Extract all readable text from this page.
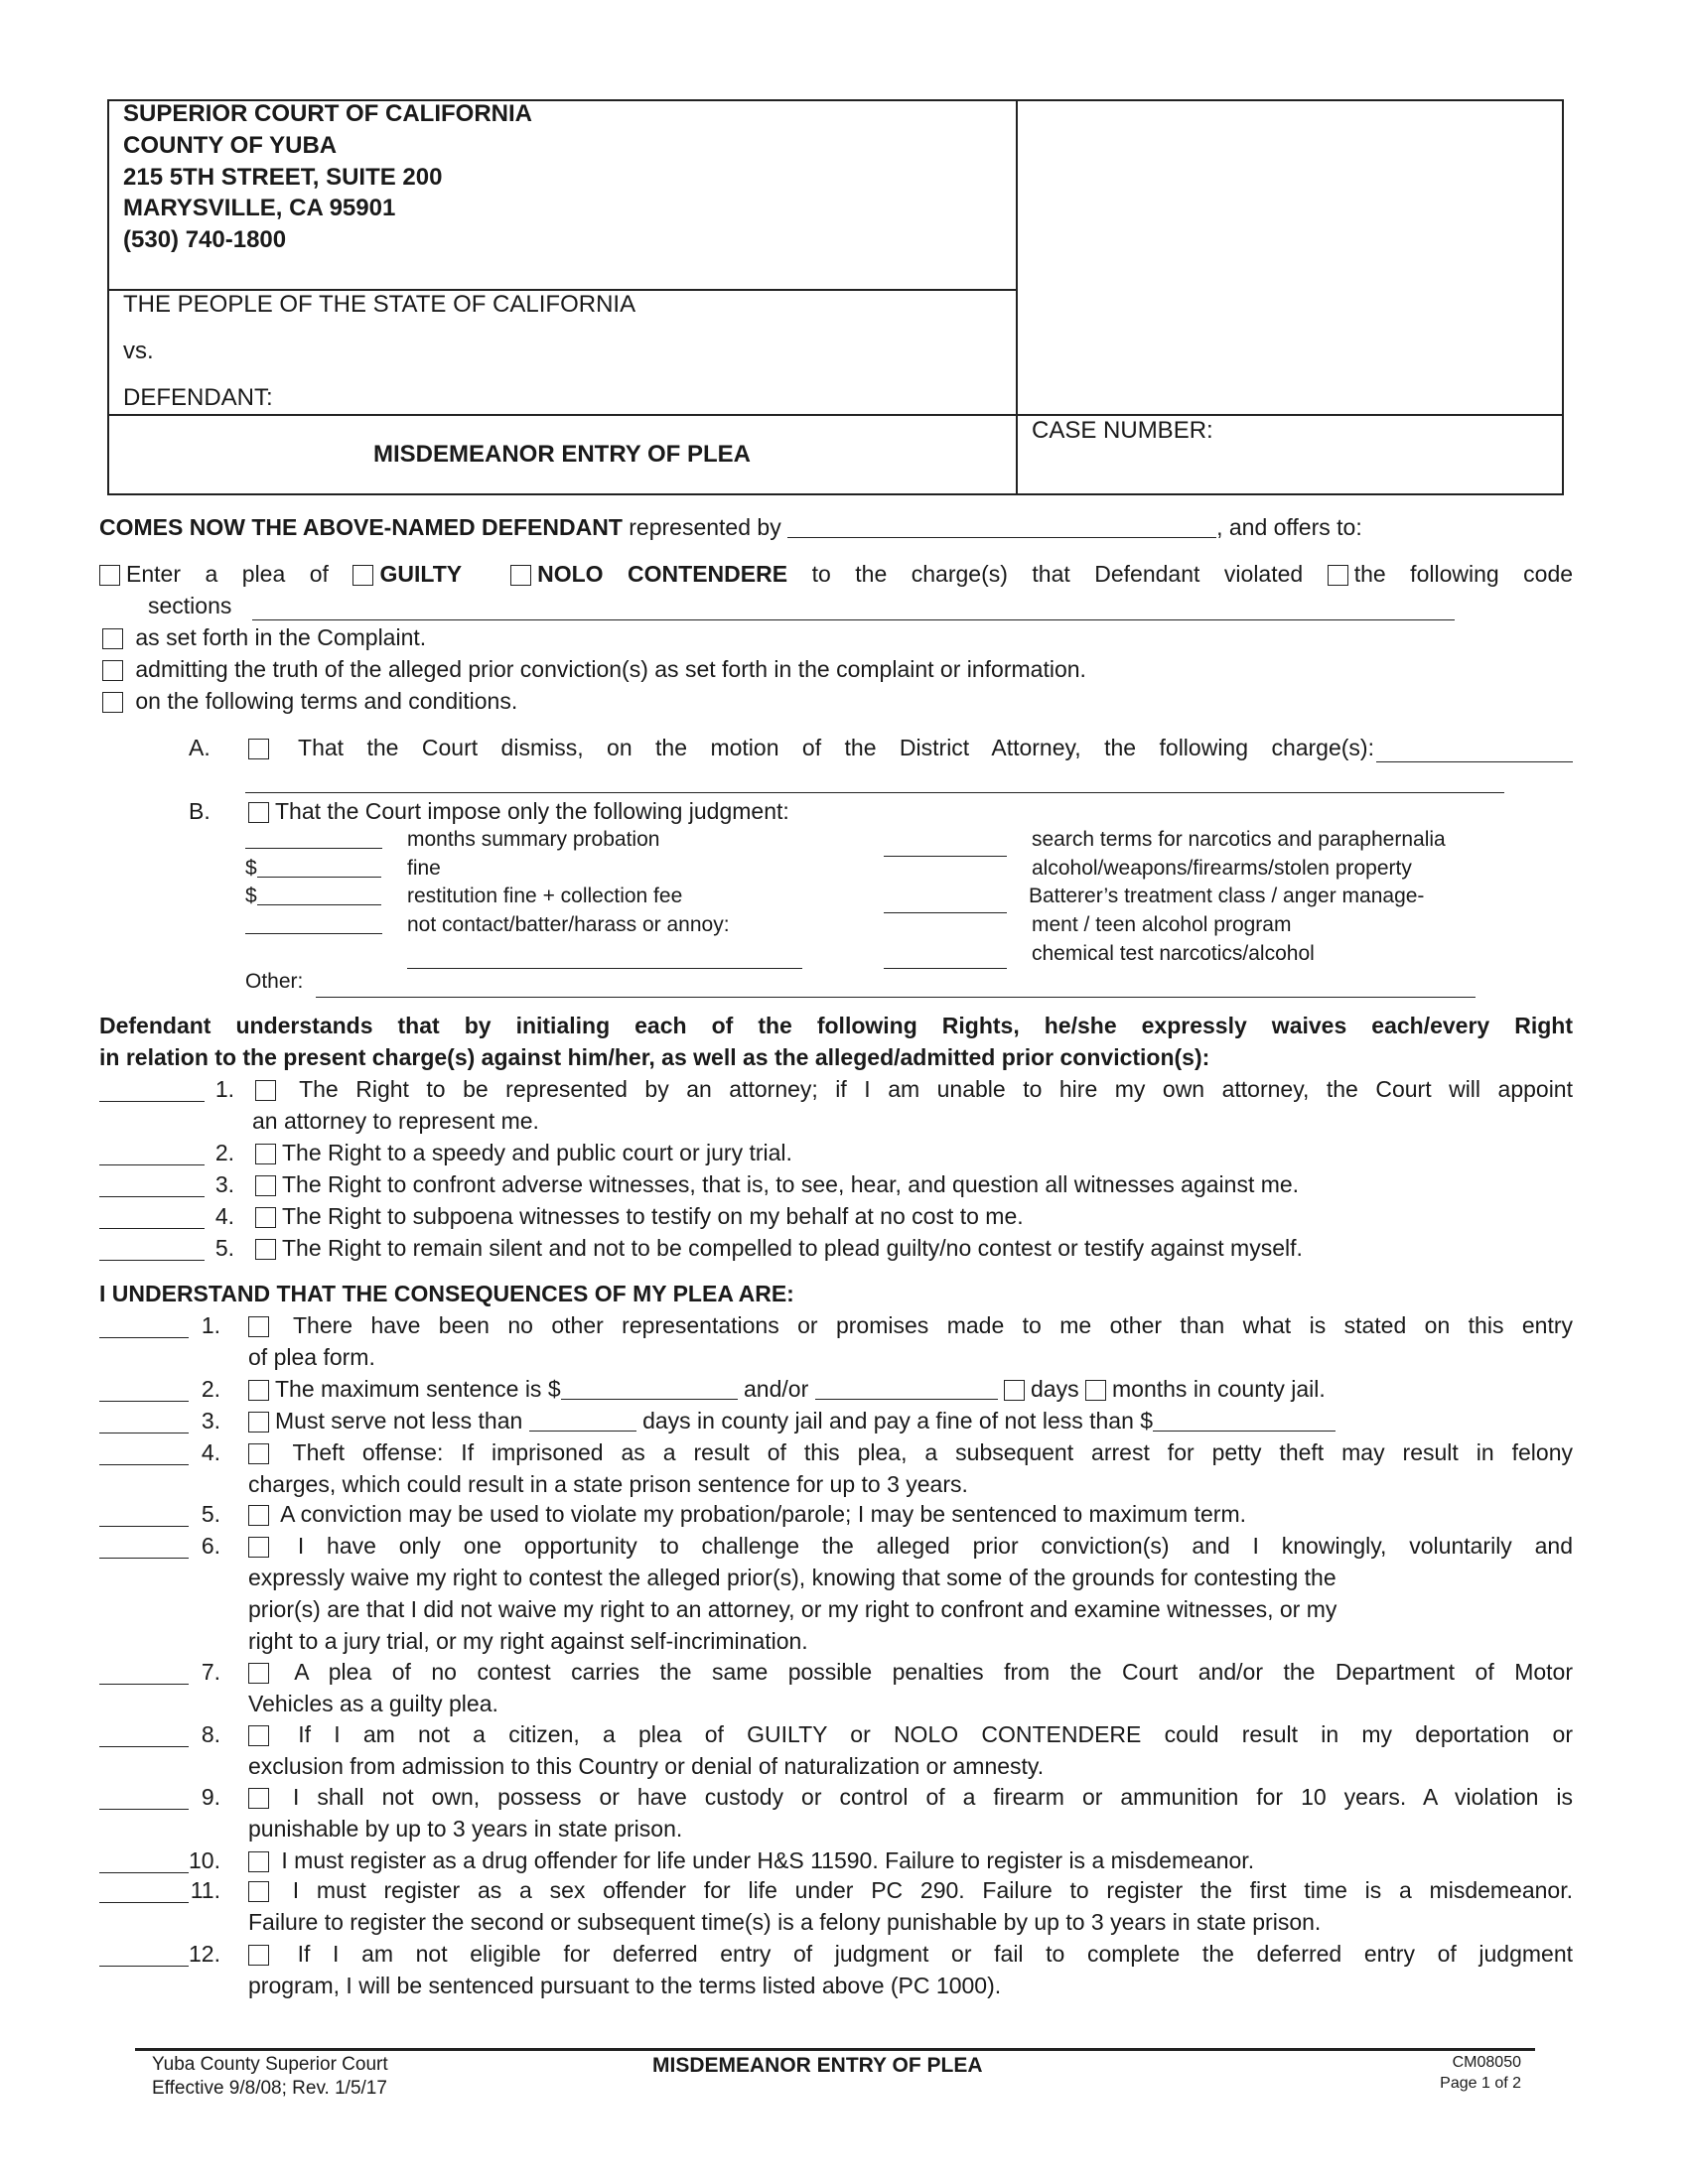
SUPERIOR COURT OF CALIFORNIA
COUNTY OF YUBA
215 5TH STREET, SUITE 200
MARYSVILLE, CA 95901
(530) 740-1800
THE PEOPLE OF THE STATE OF CALIFORNIA
vs.
DEFENDANT:
MISDEMEANOR ENTRY OF PLEA
CASE NUMBER:
COMES NOW THE ABOVE-NAMED DEFENDANT represented by	, and offers to:
Enter a plea of GUILTY	NOLO CONTENDERE to the charge(s) that Defendant violated the following code
sections
as set forth in the Complaint.
admitting the truth of the alleged prior conviction(s) as set forth in the complaint or information.
on the following terms and conditions.
A.	That the Court dismiss, on the motion of the District Attorney, the following charge(s):
B.	That the Court impose only the following judgment:
months summary probation
$	fine
$	restitution fine + collection fee
not contact/batter/harass or annoy:
search terms for narcotics and paraphernalia
alcohol/weapons/firearms/stolen property
Batterer’s treatment class / anger manage-
ment / teen alcohol program
chemical test narcotics/alcohol
Other:
Defendant understands that by initialing each of the following Rights, he/she expressly waives each/every Right
in relation to the present charge(s) against him/her, as well as the alleged/admitted prior conviction(s):
1.	The Right to be represented by an attorney; if I am unable to hire my own attorney, the Court will appoint
an attorney to represent me.
2.	The Right to a speedy and public court or jury trial.
3.	The Right to confront adverse witnesses, that is, to see, hear, and question all witnesses against me.
4.	The Right to subpoena witnesses to testify on my behalf at no cost to me.
5.	The Right to remain silent and not to be compelled to plead guilty/no contest or testify against myself.
I UNDERSTAND THAT THE CONSEQUENCES OF MY PLEA ARE:
1.	There have been no other representations or promises made to me other than what is stated on this entry
of plea form.
2.	The maximum sentence is $	and/or	days months in county jail.
3.	Must serve not less than	days in county jail and pay a fine of not less than $
4.	Theft offense: If imprisoned as a result of this plea, a subsequent arrest for petty theft may result in felony
charges, which could result in a state prison sentence for up to 3 years.
5.	A conviction may be used to violate my probation/parole; I may be sentenced to maximum term.
6.	I have only one opportunity to challenge the alleged prior conviction(s) and I knowingly, voluntarily and
expressly waive my right to contest the alleged prior(s), knowing that some of the grounds for contesting the
prior(s) are that I did not waive my right to an attorney, or my right to confront and examine witnesses, or my
right to a jury trial, or my right against self-incrimination.
7.	A plea of no contest carries the same possible penalties from the Court and/or the Department of Motor
Vehicles as a guilty plea.
8.	If I am not a citizen, a plea of GUILTY or NOLO CONTENDERE could result in my deportation or
exclusion from admission to this Country or denial of naturalization or amnesty.
9.	I shall not own, possess or have custody or control of a firearm or ammunition for 10 years. A violation is
punishable by up to 3 years in state prison.
10.	I must register as a drug offender for life under H&S 11590. Failure to register is a misdemeanor.
11.	I must register as a sex offender for life under PC 290. Failure to register the first time is a misdemeanor.
Failure to register the second or subsequent time(s) is a felony punishable by up to 3 years in state prison.
12.	If I am not eligible for deferred entry of judgment or fail to complete the deferred entry of judgment
program, I will be sentenced pursuant to the terms listed above (PC 1000).
Yuba County Superior Court
Effective 9/8/08; Rev. 1/5/17
MISDEMEANOR ENTRY OF PLEA	CM08050
Page 1 of 2
